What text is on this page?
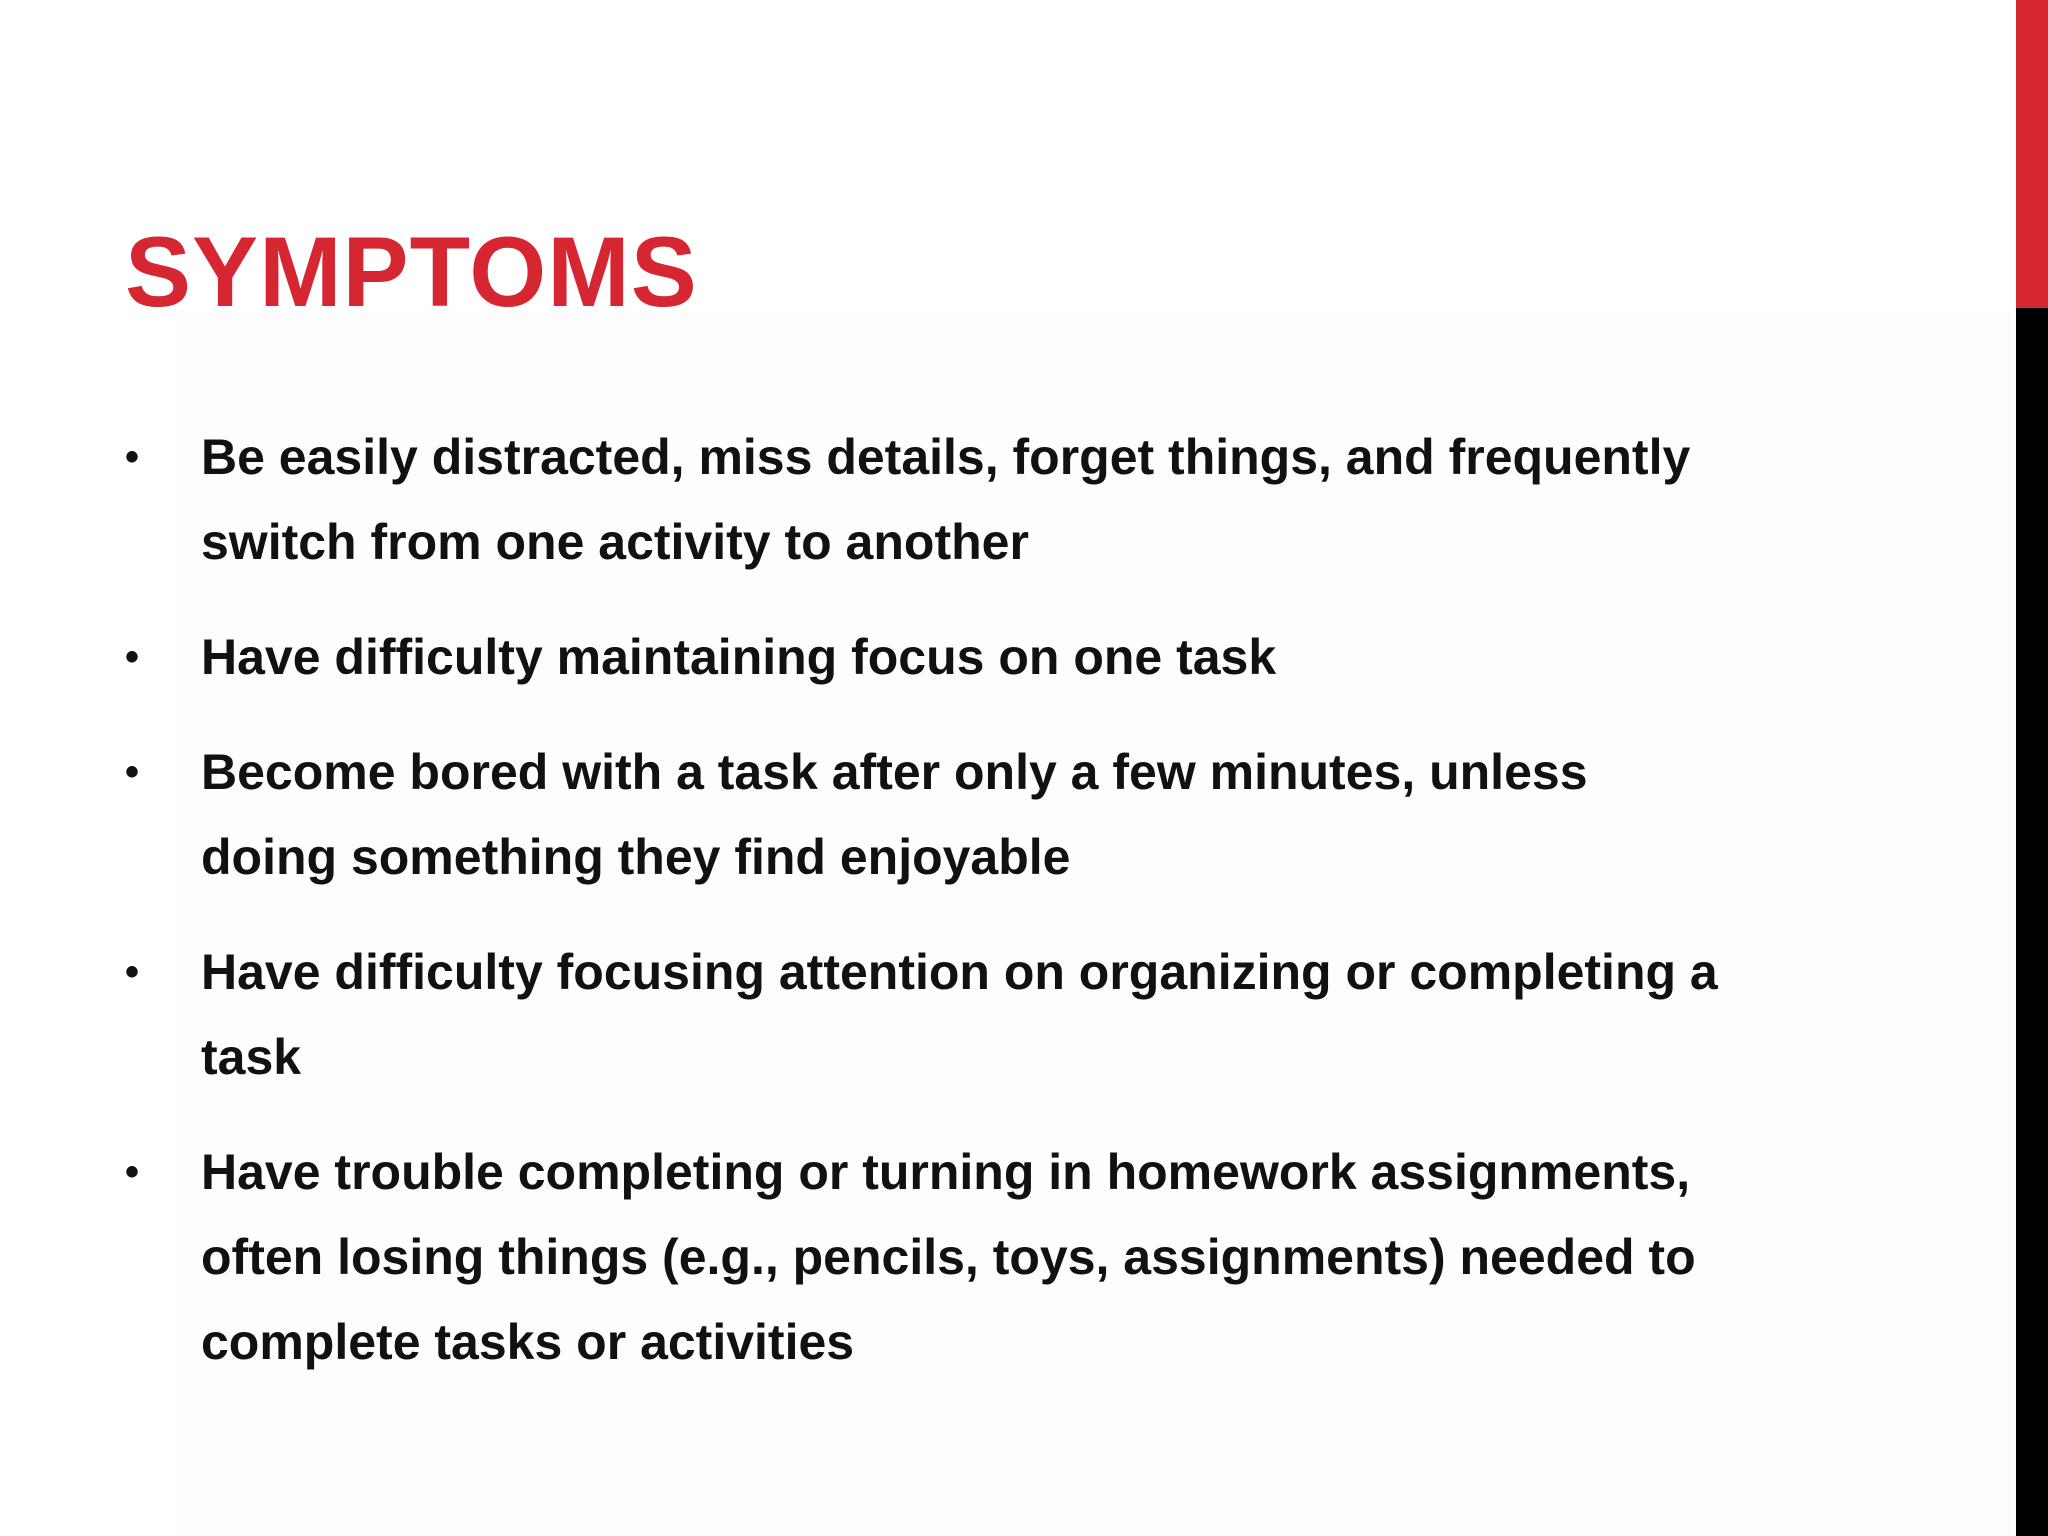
SYMPTOMS
• Be easily distracted, miss details, forget things, and frequently switch from one activity to another
• Have difficulty maintaining focus on one task
• Become bored with a task after only a few minutes, unless doing something they find enjoyable
• Have difficulty focusing attention on organizing or completing a task
• Have trouble completing or turning in homework assignments, often losing things (e.g., pencils, toys, assignments) needed to complete tasks or activities
